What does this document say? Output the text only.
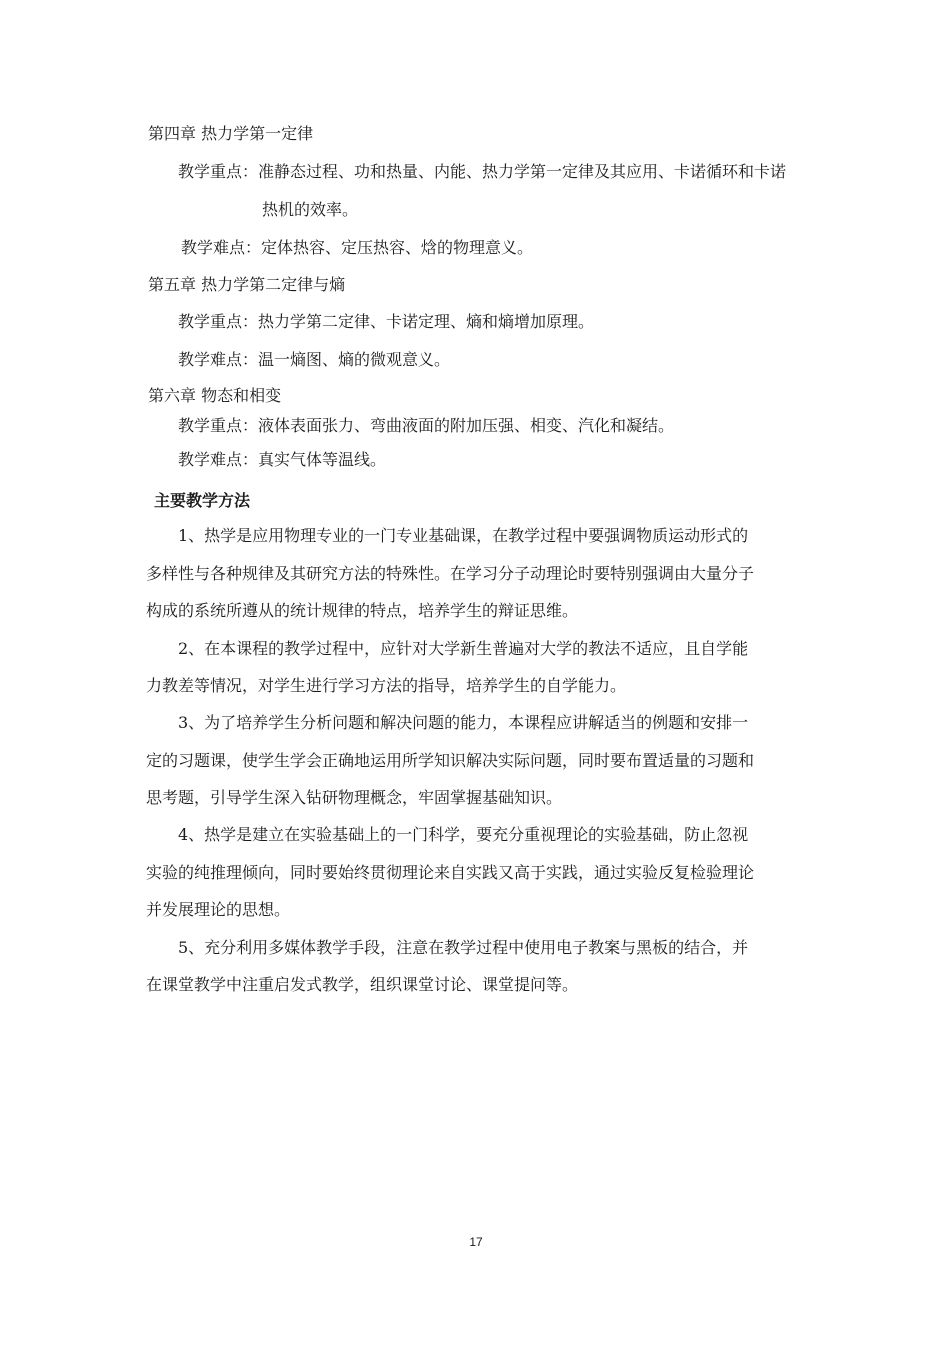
第四章 热力学第一定律
教学重点：准静态过程、功和热量、内能、热力学第一定律及其应用、卡诺循环和卡诺
热机的效率。
教学难点：定体热容、定压热容、焓的物理意义。
第五章 热力学第二定律与熵
教学重点：热力学第二定律、卡诺定理、熵和熵增加原理。
教学难点：温一熵图、熵的微观意义。
第六章 物态和相变
教学重点：液体表面张力、弯曲液面的附加压强、相变、汽化和凝结。
教学难点：真实气体等温线。
主要教学方法
1、热学是应用物理专业的一门专业基础课，在教学过程中要强调物质运动形式的
多样性与各种规律及其研究方法的特殊性。在学习分子动理论时要特别强调由大量分子
构成的系统所遵从的统计规律的特点，培养学生的辩证思维。
2、在本课程的教学过程中，应针对大学新生普遍对大学的教法不适应，且自学能
力教差等情况，对学生进行学习方法的指导，培养学生的自学能力。
3、为了培养学生分析问题和解决问题的能力，本课程应讲解适当的例题和安排一
定的习题课，使学生学会正确地运用所学知识解决实际问题，同时要布置适量的习题和
思考题，引导学生深入钻研物理概念，牢固掌握基础知识。
4、热学是建立在实验基础上的一门科学，要充分重视理论的实验基础，防止忽视
实验的纯推理倾向，同时要始终贯彻理论来自实践又高于实践，通过实验反复检验理论
并发展理论的思想。
5、充分利用多媒体教学手段，注意在教学过程中使用电子教案与黑板的结合，并
在课堂教学中注重启发式教学，组织课堂讨论、课堂提问等。
17
